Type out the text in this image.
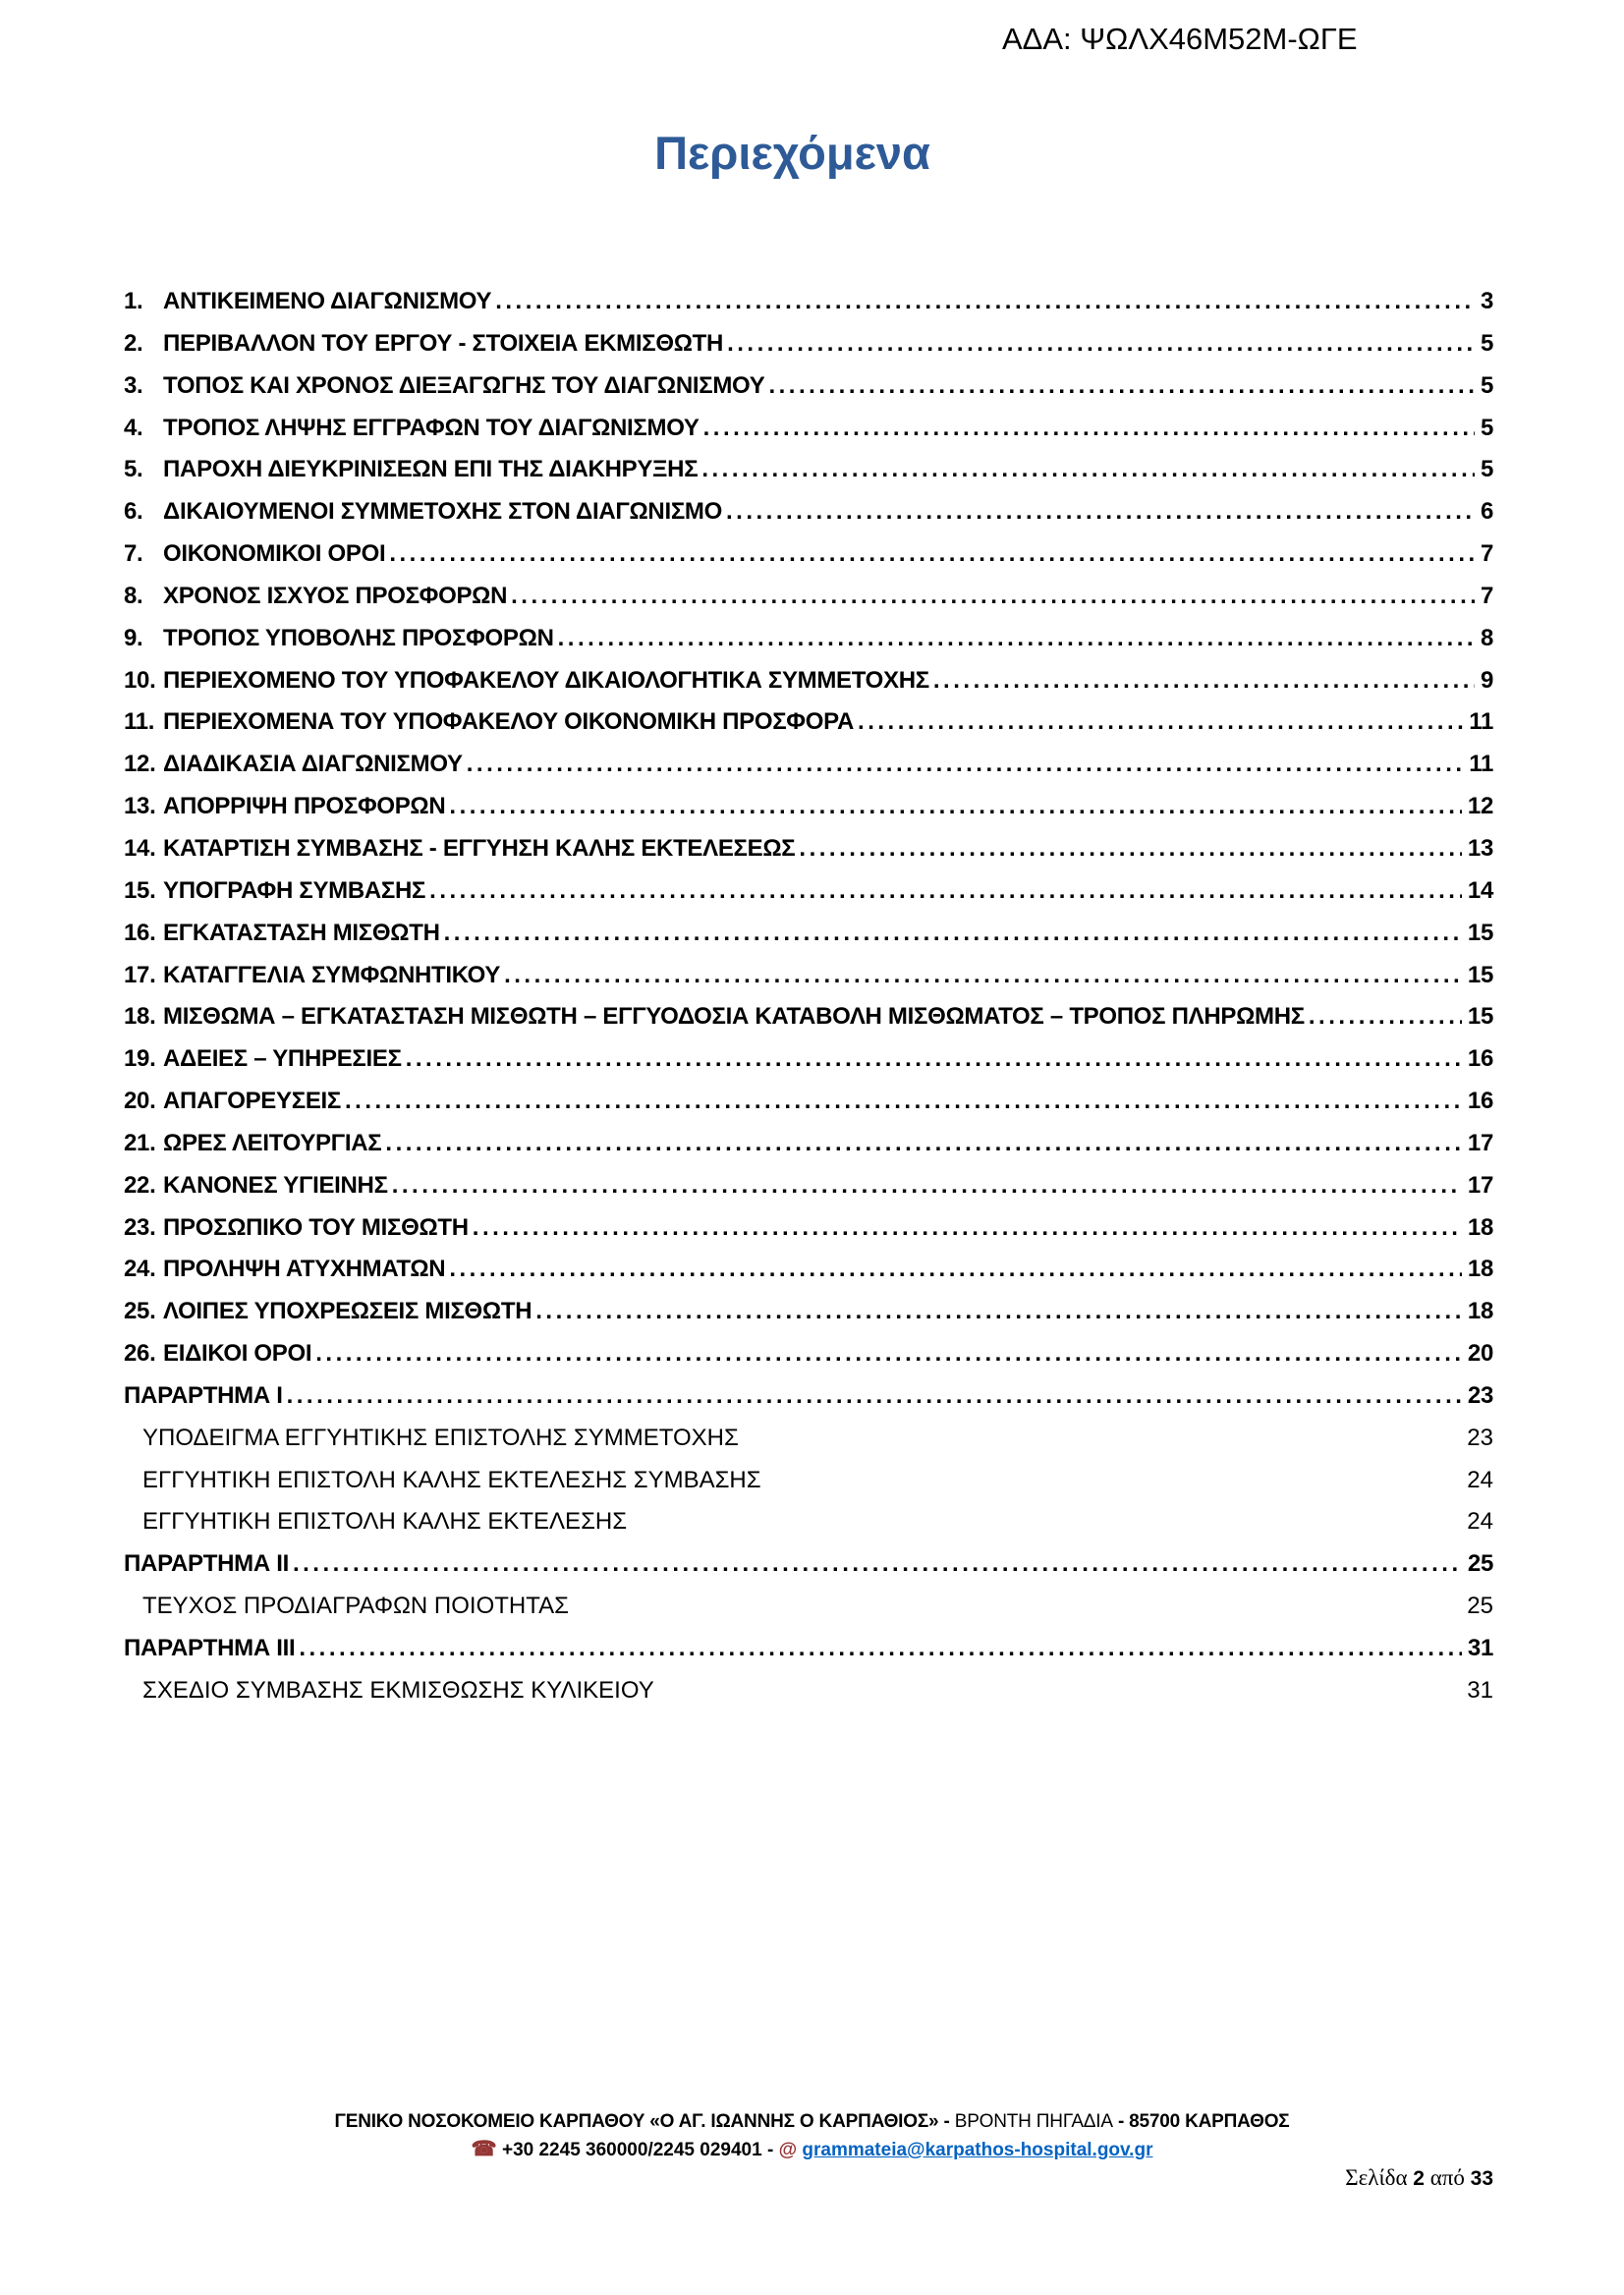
ΑΔΑ: ΨΩΛΧ46Μ52Μ-ΩΓΕ
Περιεχόμενα
1. ΑΝΤΙΚΕΙΜΕΝΟ ΔΙΑΓΩΝΙΣΜΟΥ .....	3
2. ΠΕΡΙΒΑΛΛΟΝ ΤΟΥ ΕΡΓΟΥ - ΣΤΟΙΧΕΙΑ ΕΚΜΙΣΘΩΤΗ .....	5
3. ΤΟΠΟΣ ΚΑΙ ΧΡΟΝΟΣ ΔΙΕΞΑΓΩΓΗΣ ΤΟΥ ΔΙΑΓΩΝΙΣΜΟΥ .....	5
4. ΤΡΟΠΟΣ ΛΗΨΗΣ ΕΓΓΡΑΦΩΝ ΤΟΥ ΔΙΑΓΩΝΙΣΜΟΥ .....	5
5. ΠΑΡΟΧΗ ΔΙΕΥΚΡΙΝΙΣΕΩΝ ΕΠΙ ΤΗΣ ΔΙΑΚΗΡΥΞΗΣ .....	5
6. ΔΙΚΑΙΟΥΜΕΝΟΙ ΣΥΜΜΕΤΟΧΗΣ ΣΤΟΝ ΔΙΑΓΩΝΙΣΜΟ .....	6
7. ΟΙΚΟΝΟΜΙΚΟΙ ΟΡΟΙ .....	7
8. ΧΡΟΝΟΣ ΙΣΧΥΟΣ ΠΡΟΣΦΟΡΩΝ .....	7
9. ΤΡΟΠΟΣ ΥΠΟΒΟΛΗΣ ΠΡΟΣΦΟΡΩΝ .....	8
10. ΠΕΡΙΕΧΟΜΕΝΟ ΤΟΥ ΥΠΟΦΑΚΕΛΟΥ ΔΙΚΑΙΟΛΟΓΗΤΙΚΑ ΣΥΜΜΕΤΟΧΗΣ .....	9
11. ΠΕΡΙΕΧΟΜΕΝΑ ΤΟΥ ΥΠΟΦΑΚΕΛΟΥ ΟΙΚΟΝΟΜΙΚΗ ΠΡΟΣΦΟΡΑ .....	11
12. ΔΙΑΔΙΚΑΣΙΑ ΔΙΑΓΩΝΙΣΜΟΥ .....	11
13. ΑΠΟΡΡΙΨΗ ΠΡΟΣΦΟΡΩΝ .....	12
14. ΚΑΤΑΡΤΙΣΗ ΣΥΜΒΑΣΗΣ - ΕΓΓΥΗΣΗ ΚΑΛΗΣ ΕΚΤΕΛΕΣΕΩΣ .....	13
15. ΥΠΟΓΡΑΦΗ ΣΥΜΒΑΣΗΣ .....	14
16. ΕΓΚΑΤΑΣΤΑΣΗ ΜΙΣΘΩΤΗ .....	15
17. ΚΑΤΑΓΓΕΛΙΑ ΣΥΜΦΩΝΗΤΙΚΟΥ .....	15
18. ΜΙΣΘΩΜΑ – ΕΓΚΑΤΑΣΤΑΣΗ ΜΙΣΘΩΤΗ – ΕΓΓΥΟΔΟΣΙΑ ΚΑΤΑΒΟΛΗ ΜΙΣΘΩΜΑΤΟΣ – ΤΡΟΠΟΣ ΠΛΗΡΩΜΗΣ .....	15
19. ΑΔΕΙΕΣ – ΥΠΗΡΕΣΙΕΣ .....	16
20. ΑΠΑΓΟΡΕΥΣΕΙΣ .....	16
21. ΩΡΕΣ ΛΕΙΤΟΥΡΓΙΑΣ .....	17
22. ΚΑΝΟΝΕΣ ΥΓΙΕΙΝΗΣ .....	17
23. ΠΡΟΣΩΠΙΚΟ ΤΟΥ ΜΙΣΘΩΤΗ .....	18
24. ΠΡΟΛΗΨΗ ΑΤΥΧΗΜΑΤΩΝ .....	18
25. ΛΟΙΠΕΣ ΥΠΟΧΡΕΩΣΕΙΣ ΜΙΣΘΩΤΗ .....	18
26. ΕΙΔΙΚΟΙ ΟΡΟΙ .....	20
ΠΑΡΑΡΤΗΜΑ Ι .....	23
ΥΠΟΔΕΙΓΜΑ ΕΓΓΥΗΤΙΚΗΣ ΕΠΙΣΤΟΛΗΣ ΣΥΜΜΕΤΟΧΗΣ	23
ΕΓΓΥΗΤΙΚΗ ΕΠΙΣΤΟΛΗ ΚΑΛΗΣ ΕΚΤΕΛΕΣΗΣ ΣΥΜΒΑΣΗΣ	24
ΕΓΓΥΗΤΙΚΗ ΕΠΙΣΤΟΛΗ ΚΑΛΗΣ ΕΚΤΕΛΕΣΗΣ	24
ΠΑΡΑΡΤΗΜΑ ΙΙ .....	25
ΤΕΥΧΟΣ ΠΡΟΔΙΑΓΡΑΦΩΝ ΠΟΙΟΤΗΤΑΣ	25
ΠΑΡΑΡΤΗΜΑ ΙΙΙ .....	31
ΣΧΕΔΙΟ ΣΥΜΒΑΣΗΣ ΕΚΜΙΣΘΩΣΗΣ ΚΥΛΙΚΕΙΟΥ	31
ΓΕΝΙΚΟ ΝΟΣΟΚΟΜΕΙΟ ΚΑΡΠΑΘΟΥ «Ο ΑΓ. ΙΩΑΝΝΗΣ Ο ΚΑΡΠΑΘΙΟΣ» - ΒΡΟΝΤΗ ΠΗΓΑΔΙΑ - 85700 ΚΑΡΠΑΘΟΣ
☎ +30 2245 360000/2245 029401 - @ grammateia@karpathos-hospital.gov.gr
Σελίδα 2 από 33
